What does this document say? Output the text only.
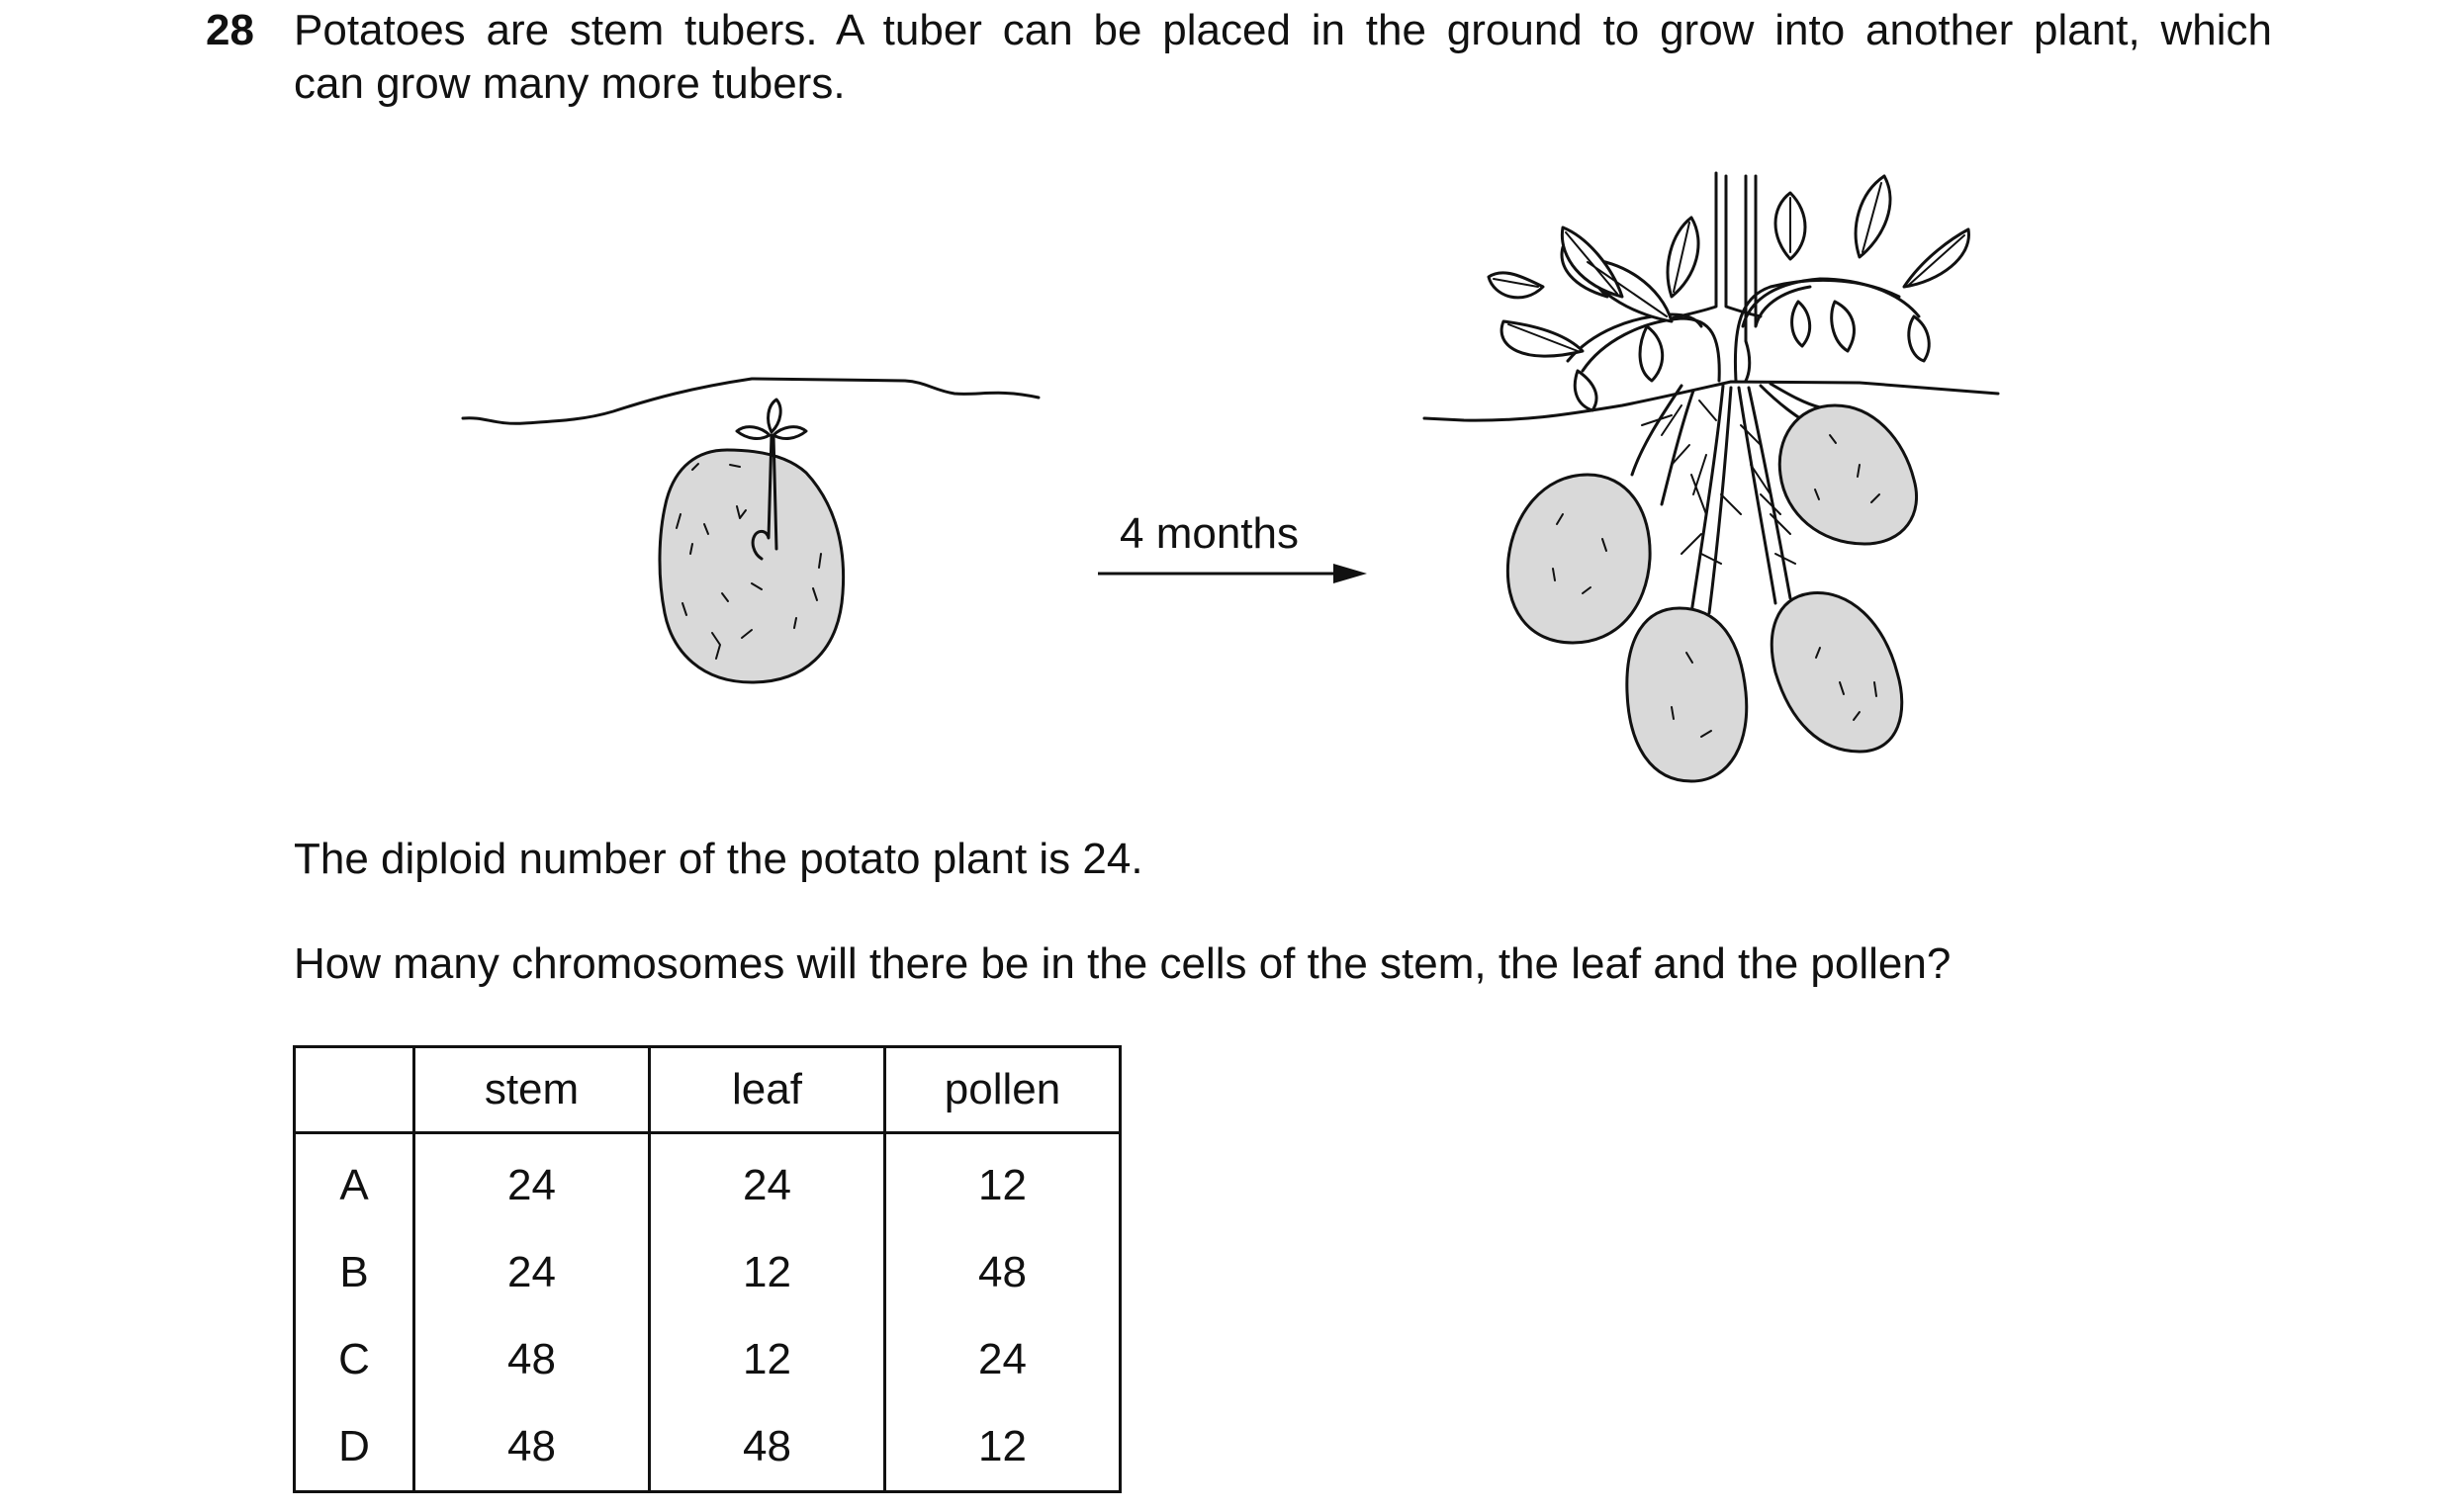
28 Potatoes are stem tubers. A tuber can be placed in the ground to grow into another plant, which
can grow many more tubers.
4 months
The diploid number of the potato plant is 24.
How many chromosomes will there be in the cells of the stem, the leaf and the pollen?
	stem	leaf	pollen
A	24	24	12
B	24	12	48
C	48	12	24
D	48	48	12
